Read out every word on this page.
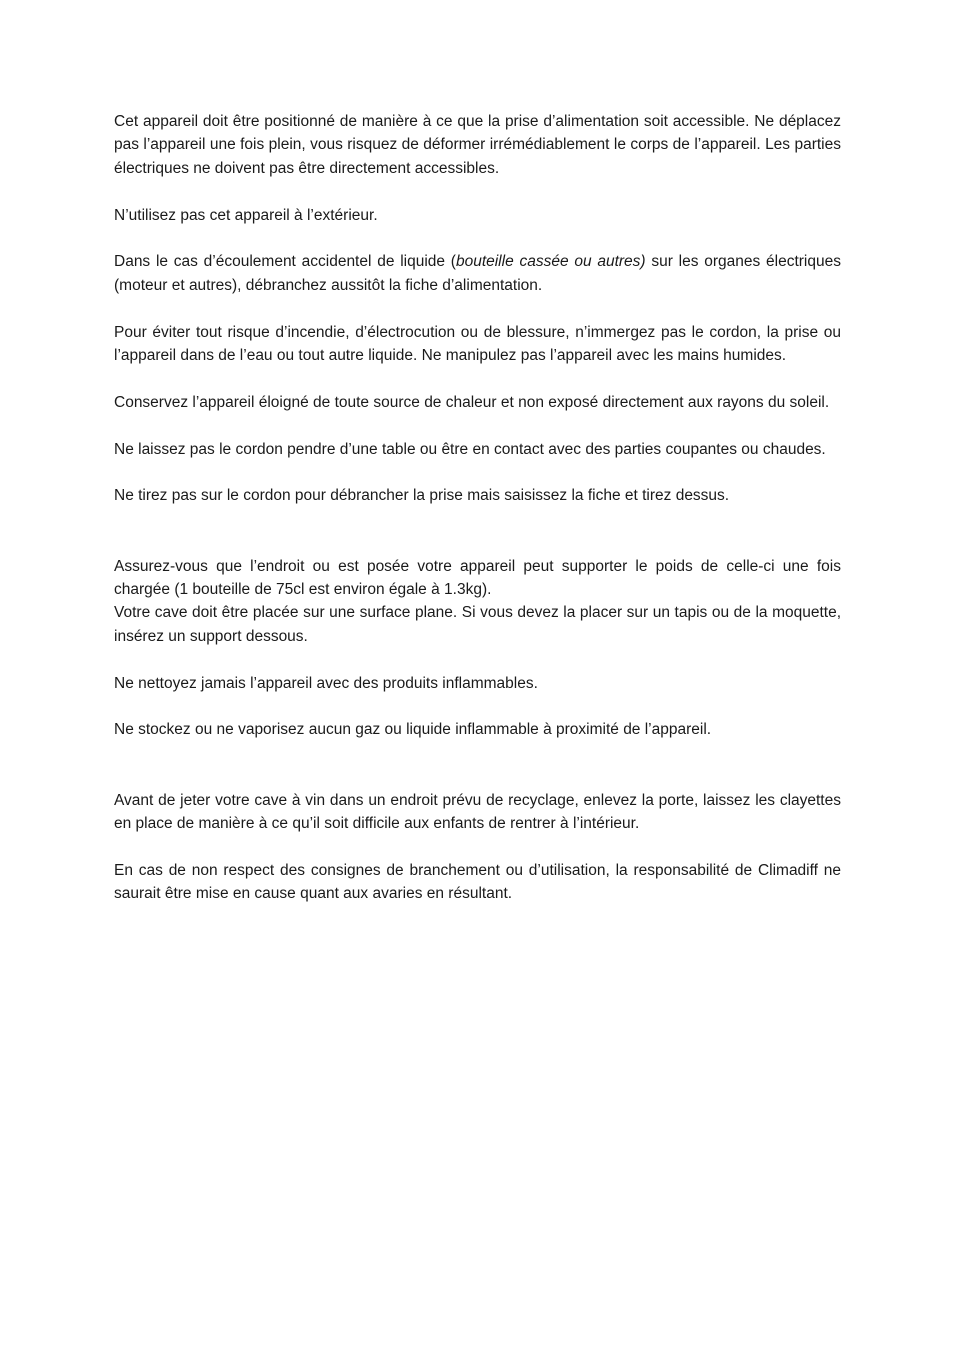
Cet appareil doit être positionné de manière à ce que la prise d’alimentation soit accessible. Ne déplacez pas l’appareil une fois plein, vous risquez de déformer irrémédiablement le corps de l’appareil. Les parties électriques ne doivent pas être directement accessibles.

N’utilisez pas cet appareil à l’extérieur.

Dans le cas d’écoulement accidentel de liquide (bouteille cassée ou autres) sur les organes électriques (moteur et autres), débranchez aussitôt la fiche d’alimentation.

Pour éviter tout risque d’incendie, d’électrocution ou de blessure, n’immergez pas le cordon, la prise ou l’appareil dans de l’eau ou tout autre liquide. Ne manipulez pas l’appareil avec les mains humides.

Conservez l’appareil éloigné de toute source de chaleur et non exposé directement aux rayons du soleil.

Ne laissez pas le cordon pendre d’une table ou être en contact avec des parties coupantes ou chaudes.

Ne tirez pas sur le cordon pour débrancher la prise mais saisissez la fiche et tirez dessus.

Assurez-vous que l’endroit ou est posée votre appareil peut supporter le poids de celle-ci une fois chargée (1 bouteille de 75cl est environ égale à 1.3kg).

Votre cave doit être placée sur une surface plane. Si vous devez la placer sur un tapis ou de la moquette, insérez un support dessous.

Ne nettoyez jamais l’appareil avec des produits inflammables.

Ne stockez ou ne vaporisez aucun gaz ou liquide inflammable à proximité de l’appareil.

Avant de jeter votre cave à vin dans un endroit prévu de recyclage, enlevez la porte, laissez les clayettes en place de manière à ce qu’il soit difficile aux enfants de rentrer à l’intérieur.

En cas de non respect des consignes de branchement ou d’utilisation, la responsabilité de Climadiff ne saurait être mise en cause quant aux avaries en résultant.
